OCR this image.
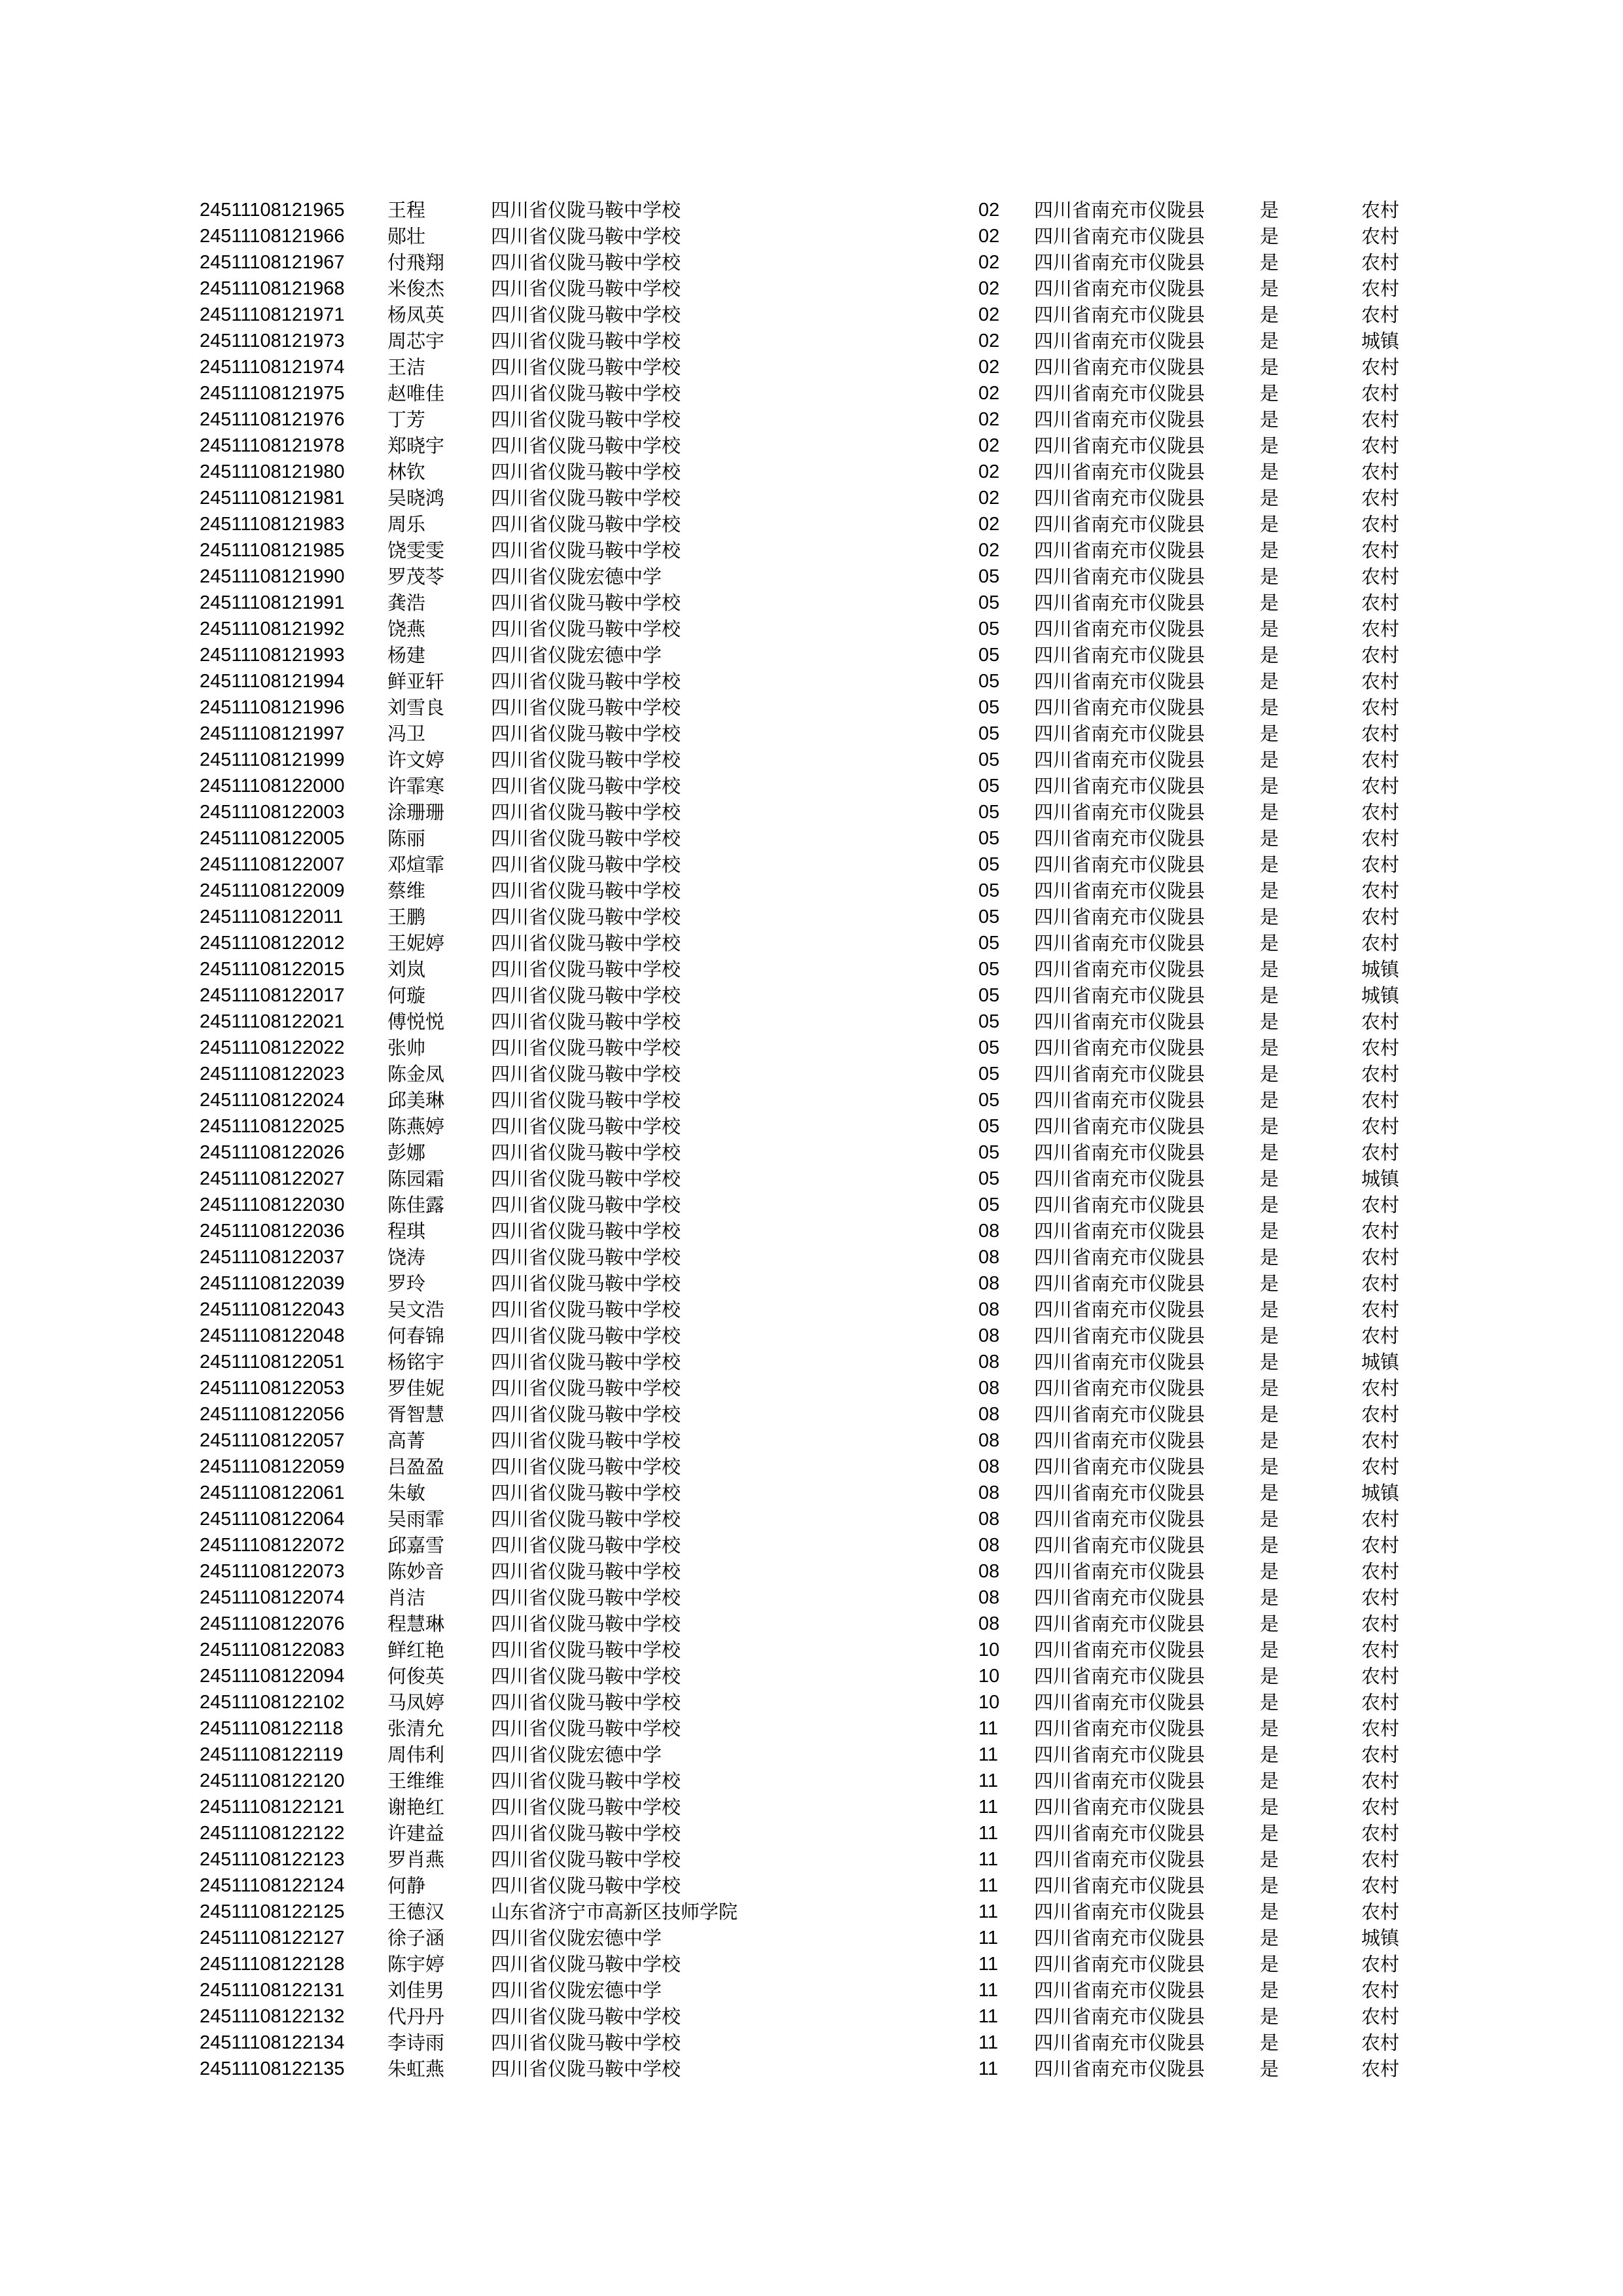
24511108121965 王程	四川省仪陇马鞍中学校	02 四川省南充市仪陇县	是	农村
24511108121966 郧壮	四川省仪陇马鞍中学校	02 四川省南充市仪陇县	是	农村
24511108121967 付飛翔 四川省仪陇马鞍中学校	02 四川省南充市仪陇县	是	农村
24511108121968 米俊杰 四川省仪陇马鞍中学校	02 四川省南充市仪陇县	是	农村
24511108121971 杨凤英 四川省仪陇马鞍中学校	02 四川省南充市仪陇县	是	农村
24511108121973 周芯宇 四川省仪陇马鞍中学校	02 四川省南充市仪陇县	是	城镇
24511108121974 王洁	四川省仪陇马鞍中学校	02 四川省南充市仪陇县	是	农村
24511108121975 赵唯佳 四川省仪陇马鞍中学校	02 四川省南充市仪陇县	是	农村
24511108121976 丁芳	四川省仪陇马鞍中学校	02 四川省南充市仪陇县	是	农村
24511108121978 郑晓宇 四川省仪陇马鞍中学校	02 四川省南充市仪陇县	是	农村
24511108121980 林钦	四川省仪陇马鞍中学校	02 四川省南充市仪陇县	是	农村
24511108121981 吴晓鸿 四川省仪陇马鞍中学校	02 四川省南充市仪陇县	是	农村
24511108121983 周乐	四川省仪陇马鞍中学校	02 四川省南充市仪陇县	是	农村
24511108121985 饶雯雯 四川省仪陇马鞍中学校	02 四川省南充市仪陇县	是	农村
24511108121990 罗茂苓 四川省仪陇宏德中学	05 四川省南充市仪陇县	是	农村
24511108121991 龚浩	四川省仪陇马鞍中学校	05 四川省南充市仪陇县	是	农村
24511108121992 饶燕	四川省仪陇马鞍中学校	05 四川省南充市仪陇县	是	农村
24511108121993 杨建	四川省仪陇宏德中学	05 四川省南充市仪陇县	是	农村
24511108121994 鲜亚轩 四川省仪陇马鞍中学校	05 四川省南充市仪陇县	是	农村
24511108121996 刘雪良 四川省仪陇马鞍中学校	05 四川省南充市仪陇县	是	农村
24511108121997 冯卫	四川省仪陇马鞍中学校	05 四川省南充市仪陇县	是	农村
24511108121999 许文婷 四川省仪陇马鞍中学校	05 四川省南充市仪陇县	是	农村
24511108122000 许霏寒 四川省仪陇马鞍中学校	05 四川省南充市仪陇县	是	农村
24511108122003 涂珊珊 四川省仪陇马鞍中学校	05 四川省南充市仪陇县	是	农村
24511108122005 陈丽	四川省仪陇马鞍中学校	05 四川省南充市仪陇县	是	农村
24511108122007 邓煊霏 四川省仪陇马鞍中学校	05 四川省南充市仪陇县	是	农村
24511108122009 蔡维	四川省仪陇马鞍中学校	05 四川省南充市仪陇县	是	农村
24511108122011 王鹏	四川省仪陇马鞍中学校	05 四川省南充市仪陇县	是	农村
24511108122012 王妮婷 四川省仪陇马鞍中学校	05 四川省南充市仪陇县	是	农村
24511108122015 刘岚	四川省仪陇马鞍中学校	05 四川省南充市仪陇县	是	城镇
24511108122017 何璇	四川省仪陇马鞍中学校	05 四川省南充市仪陇县	是	城镇
24511108122021 傅悦悦 四川省仪陇马鞍中学校	05 四川省南充市仪陇县	是	农村
24511108122022 张帅	四川省仪陇马鞍中学校	05 四川省南充市仪陇县	是	农村
24511108122023 陈金凤 四川省仪陇马鞍中学校	05 四川省南充市仪陇县	是	农村
24511108122024 邱美琳 四川省仪陇马鞍中学校	05 四川省南充市仪陇县	是	农村
24511108122025 陈燕婷 四川省仪陇马鞍中学校	05 四川省南充市仪陇县	是	农村
24511108122026 彭娜	四川省仪陇马鞍中学校	05 四川省南充市仪陇县	是	农村
24511108122027 陈园霜 四川省仪陇马鞍中学校	05 四川省南充市仪陇县	是	城镇
24511108122030 陈佳露 四川省仪陇马鞍中学校	05 四川省南充市仪陇县	是	农村
24511108122036 程琪	四川省仪陇马鞍中学校	08 四川省南充市仪陇县	是	农村
24511108122037 饶涛	四川省仪陇马鞍中学校	08 四川省南充市仪陇县	是	农村
24511108122039 罗玲	四川省仪陇马鞍中学校	08 四川省南充市仪陇县	是	农村
24511108122043 吴文浩 四川省仪陇马鞍中学校	08 四川省南充市仪陇县	是	农村
24511108122048 何春锦 四川省仪陇马鞍中学校	08 四川省南充市仪陇县	是	农村
24511108122051 杨铭宇 四川省仪陇马鞍中学校	08 四川省南充市仪陇县	是	城镇
24511108122053 罗佳妮 四川省仪陇马鞍中学校	08 四川省南充市仪陇县	是	农村
24511108122056 胥智慧 四川省仪陇马鞍中学校	08 四川省南充市仪陇县	是	农村
24511108122057 高菁	四川省仪陇马鞍中学校	08 四川省南充市仪陇县	是	农村
24511108122059 吕盈盈 四川省仪陇马鞍中学校	08 四川省南充市仪陇县	是	农村
24511108122061 朱敏	四川省仪陇马鞍中学校	08 四川省南充市仪陇县	是	城镇
24511108122064 吴雨霏 四川省仪陇马鞍中学校	08 四川省南充市仪陇县	是	农村
24511108122072 邱嘉雪 四川省仪陇马鞍中学校	08 四川省南充市仪陇县	是	农村
24511108122073 陈妙音 四川省仪陇马鞍中学校	08 四川省南充市仪陇县	是	农村
24511108122074 肖洁	四川省仪陇马鞍中学校	08 四川省南充市仪陇县	是	农村
24511108122076 程慧琳 四川省仪陇马鞍中学校	08 四川省南充市仪陇县	是	农村
24511108122083 鲜红艳 四川省仪陇马鞍中学校	10 四川省南充市仪陇县	是	农村
24511108122094 何俊英 四川省仪陇马鞍中学校	10 四川省南充市仪陇县	是	农村
24511108122102 马凤婷 四川省仪陇马鞍中学校	10 四川省南充市仪陇县	是	农村
24511108122118 张清允 四川省仪陇马鞍中学校	11 四川省南充市仪陇县	是	农村
24511108122119 周伟利 四川省仪陇宏德中学	11 四川省南充市仪陇县	是	农村
24511108122120 王维维 四川省仪陇马鞍中学校	11 四川省南充市仪陇县	是	农村
24511108122121 谢艳红 四川省仪陇马鞍中学校	11 四川省南充市仪陇县	是	农村
24511108122122 许建益 四川省仪陇马鞍中学校	11 四川省南充市仪陇县	是	农村
24511108122123 罗肖燕 四川省仪陇马鞍中学校	11 四川省南充市仪陇县	是	农村
24511108122124 何静	四川省仪陇马鞍中学校	11 四川省南充市仪陇县	是	农村
24511108122125 王德汉 山东省济宁市高新区技师学院	11 四川省南充市仪陇县	是	农村
24511108122127 徐子涵 四川省仪陇宏德中学	11 四川省南充市仪陇县	是	城镇
24511108122128 陈宇婷 四川省仪陇马鞍中学校	11 四川省南充市仪陇县	是	农村
24511108122131 刘佳男 四川省仪陇宏德中学	11 四川省南充市仪陇县	是	农村
24511108122132 代丹丹 四川省仪陇马鞍中学校	11 四川省南充市仪陇县	是	农村
24511108122134 李诗雨 四川省仪陇马鞍中学校	11 四川省南充市仪陇县	是	农村
24511108122135 朱虹燕 四川省仪陇马鞍中学校	11 四川省南充市仪陇县	是	农村
